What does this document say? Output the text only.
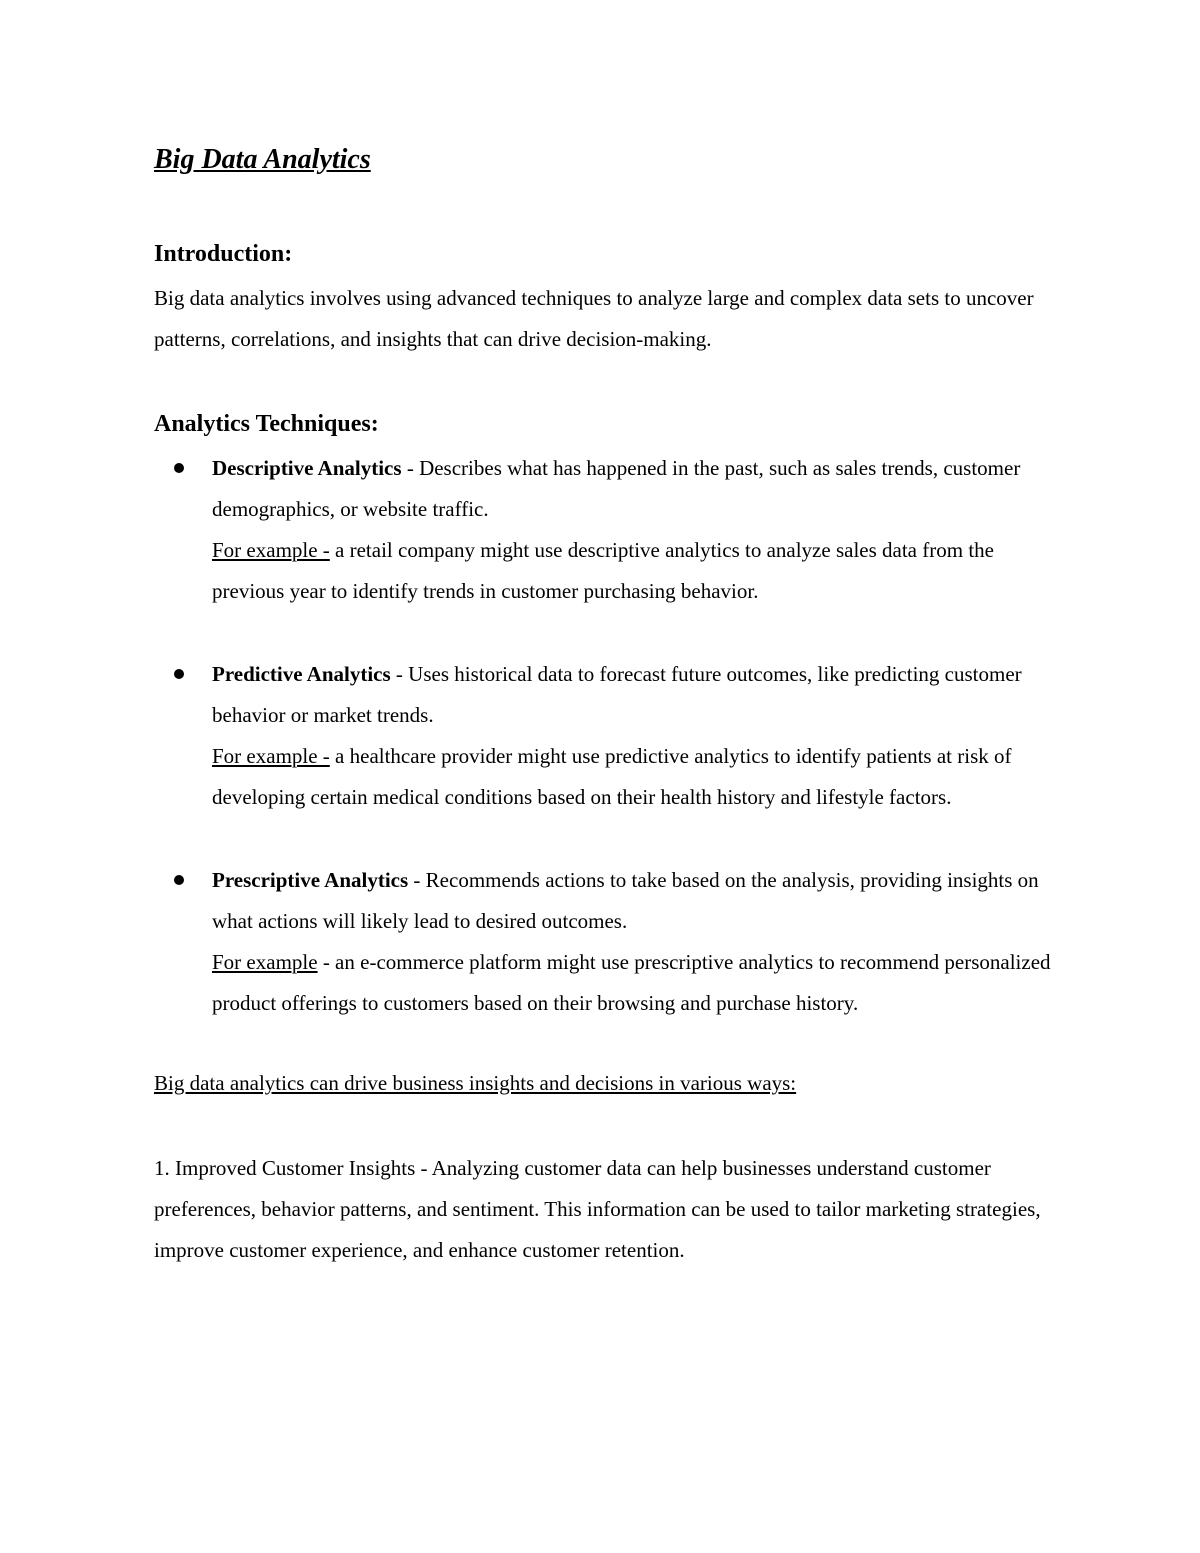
Big Data Analytics
Introduction:

Big data analytics involves using advanced techniques to analyze large and complex data sets to uncover patterns, correlations, and insights that can drive decision-making.

Analytics Techniques:
Descriptive Analytics - Describes what has happened in the past, such as sales trends, customer demographics, or website traffic.
For example - a retail company might use descriptive analytics to analyze sales data from the previous year to identify trends in customer purchasing behavior.
Predictive Analytics - Uses historical data to forecast future outcomes, like predicting customer behavior or market trends.
For example - a healthcare provider might use predictive analytics to identify patients at risk of developing certain medical conditions based on their health history and lifestyle factors.
Prescriptive Analytics - Recommends actions to take based on the analysis, providing insights on what actions will likely lead to desired outcomes.
For example - an e-commerce platform might use prescriptive analytics to recommend personalized product offerings to customers based on their browsing and purchase history.

Big data analytics can drive business insights and decisions in various ways:

1. Improved Customer Insights - Analyzing customer data can help businesses understand customer preferences, behavior patterns, and sentiment. This information can be used to tailor marketing strategies, improve customer experience, and enhance customer retention.
